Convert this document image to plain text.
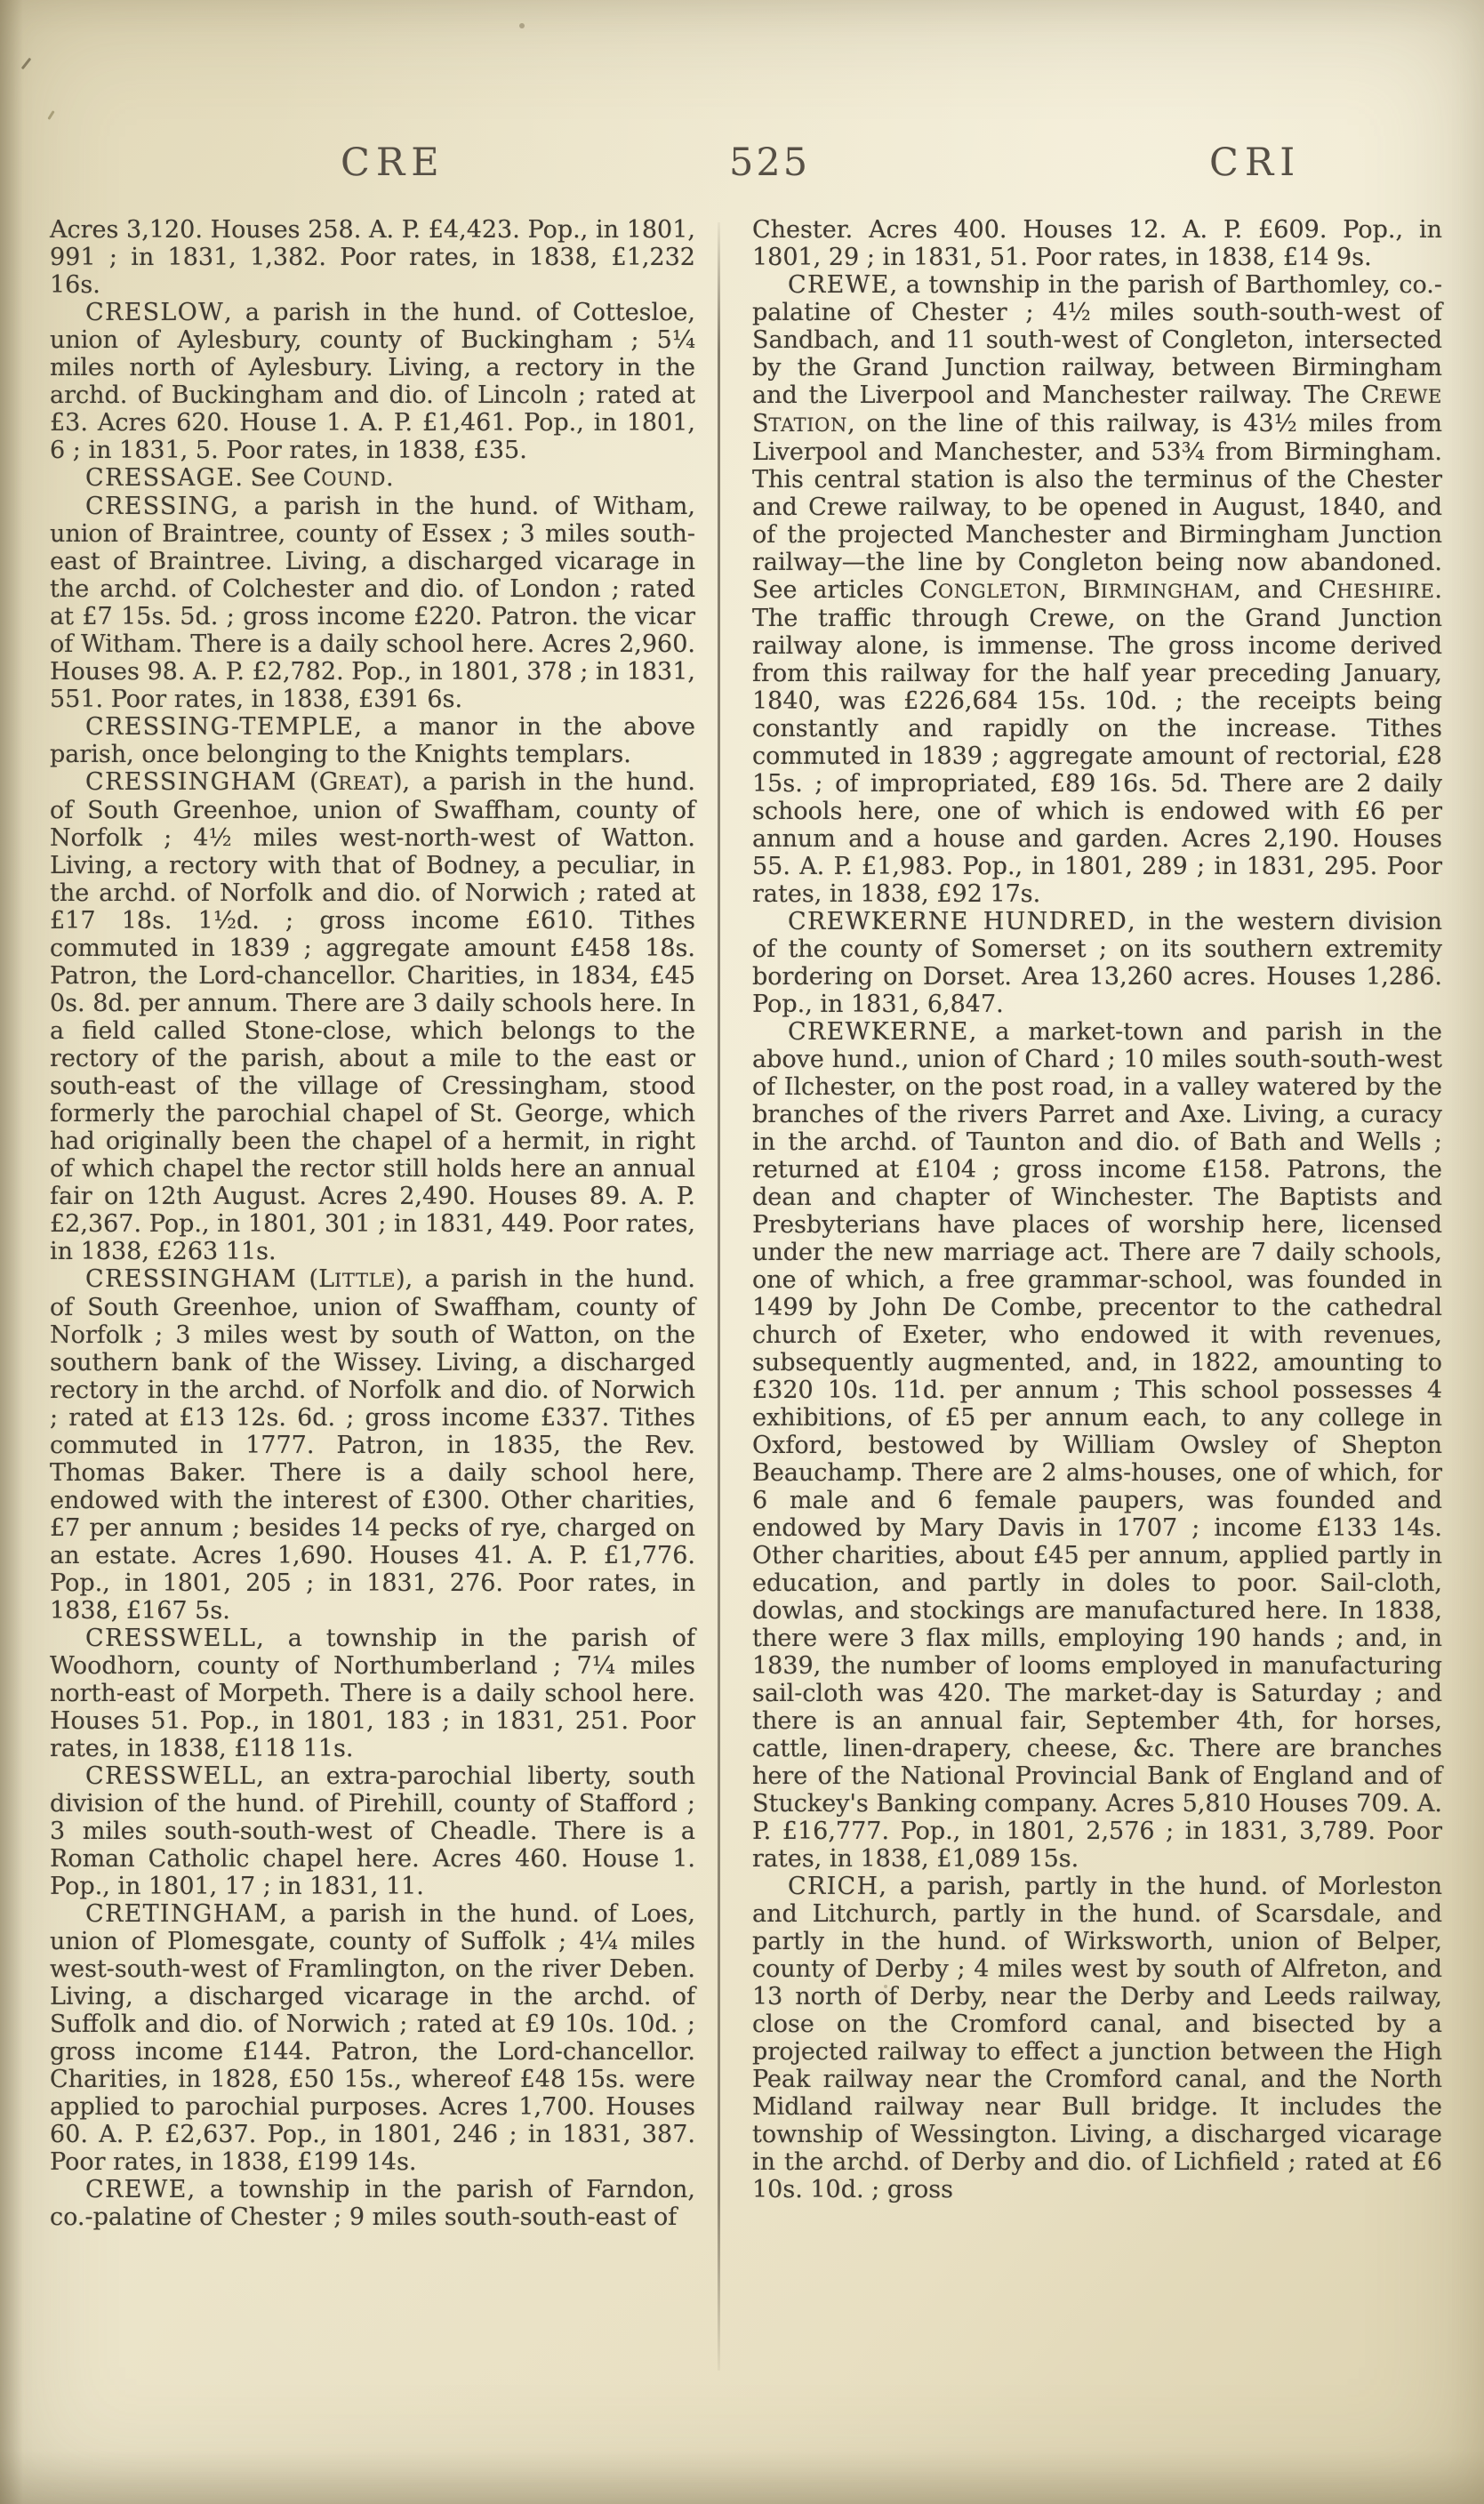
CRE	525	CRI

Acres 3,120. Houses 258. A. P. £4,423. Pop., in 1801, 991 ; in 1831, 1,382. Poor rates, in 1838, £1,232 16s.

CRESLOW, a parish in the hund. of Cottesloe, union of Aylesbury, county of Buckingham ; 5¼ miles north of Aylesbury. Living, a rectory in the archd. of Buckingham and dio. of Lincoln ; rated at £3. Acres 620. House 1. A. P. £1,461. Pop., in 1801, 6 ; in 1831, 5. Poor rates, in 1838, £35.

CRESSAGE. See COUND.

CRESSING, a parish in the hund. of Witham, union of Braintree, county of Essex ; 3 miles south-east of Braintree. Living, a discharged vicarage in the archd. of Colchester and dio. of London ; rated at £7 15s. 5d. ; gross income £220. Patron. the vicar of Witham. There is a daily school here. Acres 2,960. Houses 98. A. P. £2,782. Pop., in 1801, 378 ; in 1831, 551. Poor rates, in 1838, £391 6s.

CRESSING-TEMPLE, a manor in the above parish, once belonging to the Knights templars.

CRESSINGHAM (GREAT), a parish in the hund. of South Greenhoe, union of Swaffham, county of Norfolk ; 4½ miles west-north-west of Watton. Living, a rectory with that of Bodney, a peculiar, in the archd. of Norfolk and dio. of Norwich ; rated at £17 18s. 1½d. ; gross income £610. Tithes commuted in 1839 ; aggregate amount £458 18s. Patron, the Lord-chancellor. Charities, in 1834, £45 0s. 8d. per annum. There are 3 daily schools here. In a field called Stone-close, which belongs to the rectory of the parish, about a mile to the east or south-east of the village of Cressingham, stood formerly the parochial chapel of St. George, which had originally been the chapel of a hermit, in right of which chapel the rector still holds here an annual fair on 12th August. Acres 2,490. Houses 89. A. P. £2,367. Pop., in 1801, 301 ; in 1831, 449. Poor rates, in 1838, £263 11s.

CRESSINGHAM (LITTLE), a parish in the hund. of South Greenhoe, union of Swaffham, county of Norfolk ; 3 miles west by south of Watton, on the southern bank of the Wissey. Living, a discharged rectory in the archd. of Norfolk and dio. of Norwich ; rated at £13 12s. 6d. ; gross income £337. Tithes commuted in 1777. Patron, in 1835, the Rev. Thomas Baker. There is a daily school here, endowed with the interest of £300. Other charities, £7 per annum ; besides 14 pecks of rye, charged on an estate. Acres 1,690. Houses 41. A. P. £1,776. Pop., in 1801, 205 ; in 1831, 276. Poor rates, in 1838, £167 5s.

CRESSWELL, a township in the parish of Woodhorn, county of Northumberland ; 7¼ miles north-east of Morpeth. There is a daily school here. Houses 51. Pop., in 1801, 183 ; in 1831, 251. Poor rates, in 1838, £118 11s.

CRESSWELL, an extra-parochial liberty, south division of the hund. of Pirehill, county of Stafford ; 3 miles south-south-west of Cheadle. There is a Roman Catholic chapel here. Acres 460. House 1. Pop., in 1801, 17 ; in 1831, 11.

CRETINGHAM, a parish in the hund. of Loes, union of Plomesgate, county of Suffolk ; 4¼ miles west-south-west of Framlington, on the river Deben. Living, a discharged vicarage in the archd. of Suffolk and dio. of Norwich ; rated at £9 10s. 10d. ; gross income £144. Patron, the Lord-chancellor. Charities, in 1828, £50 15s., whereof £48 15s. were applied to parochial purposes. Acres 1,700. Houses 60. A. P. £2,637. Pop., in 1801, 246 ; in 1831, 387. Poor rates, in 1838, £199 14s.

CREWE, a township in the parish of Farndon, co.-palatine of Chester ; 9 miles south-south-east of

Chester. Acres 400. Houses 12. A. P. £609. Pop., in 1801, 29 ; in 1831, 51. Poor rates, in 1838, £14 9s.

CREWE, a township in the parish of Barthomley, co.-palatine of Chester ; 4½ miles south-south-west of Sandbach, and 11 south-west of Congleton, intersected by the Grand Junction railway, between Birmingham and the Liverpool and Manchester railway. The CREWE STATION, on the line of this railway, is 43½ miles from Liverpool and Manchester, and 53¾ from Birmingham. This central station is also the terminus of the Chester and Crewe railway, to be opened in August, 1840, and of the projected Manchester and Birmingham Junction railway—the line by Congleton being now abandoned. See articles CONGLETON, BIRMINGHAM, and CHESHIRE. The traffic through Crewe, on the Grand Junction railway alone, is immense. The gross income derived from this railway for the half year preceding January, 1840, was £226,684 15s. 10d. ; the receipts being constantly and rapidly on the increase. Tithes commuted in 1839 ; aggregate amount of rectorial, £28 15s. ; of impropriated, £89 16s. 5d. There are 2 daily schools here, one of which is endowed with £6 per annum and a house and garden. Acres 2,190. Houses 55. A. P. £1,983. Pop., in 1801, 289 ; in 1831, 295. Poor rates, in 1838, £92 17s.

CREWKERNE HUNDRED, in the western division of the county of Somerset ; on its southern extremity bordering on Dorset. Area 13,260 acres. Houses 1,286. Pop., in 1831, 6,847.

CREWKERNE, a market-town and parish in the above hund., union of Chard ; 10 miles south-south-west of Ilchester, on the post road, in a valley watered by the branches of the rivers Parret and Axe. Living, a curacy in the archd. of Taunton and dio. of Bath and Wells ; returned at £104 ; gross income £158. Patrons, the dean and chapter of Winchester. The Baptists and Presbyterians have places of worship here, licensed under the new marriage act. There are 7 daily schools, one of which, a free grammar-school, was founded in 1499 by John De Combe, precentor to the cathedral church of Exeter, who endowed it with revenues, subsequently augmented, and, in 1822, amounting to £320 10s. 11d. per annum ; This school possesses 4 exhibitions, of £5 per annum each, to any college in Oxford, bestowed by William Owsley of Shepton Beauchamp. There are 2 alms-houses, one of which, for 6 male and 6 female paupers, was founded and endowed by Mary Davis in 1707 ; income £133 14s. Other charities, about £45 per annum, applied partly in education, and partly in doles to poor. Sail-cloth, dowlas, and stockings are manufactured here. In 1838, there were 3 flax mills, employing 190 hands ; and, in 1839, the number of looms employed in manufacturing sail-cloth was 420. The market-day is Saturday ; and there is an annual fair, September 4th, for horses, cattle, linen-drapery, cheese, &c. There are branches here of the National Provincial Bank of England and of Stuckey's Banking company. Acres 5,810 Houses 709. A. P. £16,777. Pop., in 1801, 2,576 ; in 1831, 3,789. Poor rates, in 1838, £1,089 15s.

CRICH, a parish, partly in the hund. of Morleston and Litchurch, partly in the hund. of Scarsdale, and partly in the hund. of Wirksworth, union of Belper, county of Derby ; 4 miles west by south of Alfreton, and 13 north of Derby, near the Derby and Leeds railway, close on the Cromford canal, and bisected by a projected railway to effect a junction between the High Peak railway near the Cromford canal, and the North Midland railway near Bull bridge. It includes the township of Wessington. Living, a discharged vicarage in the archd. of Derby and dio. of Lichfield ; rated at £6 10s. 10d. ; gross
